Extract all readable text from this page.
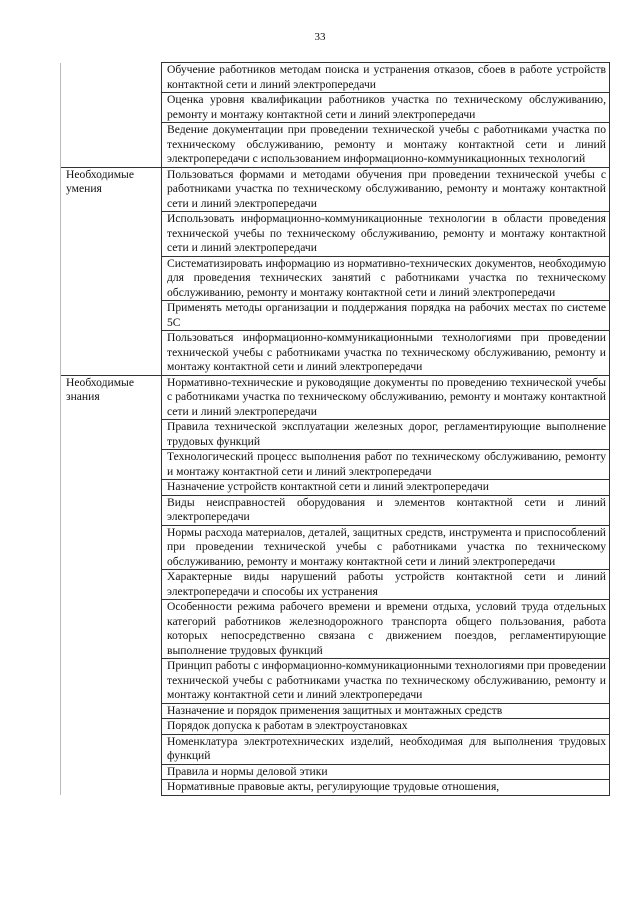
33
	Обучение работников методам поиска и устранения отказов, сбоев в работе устройств контактной сети и линий электропередачи
	Оценка уровня квалификации работников участка по техническому обслуживанию, ремонту и монтажу контактной сети и линий электропередачи
	Ведение документации при проведении технической учебы с работниками участка по техническому обслуживанию, ремонту и монтажу контактной сети и линий электропередачи с использованием информационно-коммуникационных технологий
Необходимые умения	Пользоваться формами и методами обучения при проведении технической учебы с работниками участка по техническому обслуживанию, ремонту и монтажу контактной сети и линий электропередачи
	Использовать информационно-коммуникационные технологии в области проведения технической учебы по техническому обслуживанию, ремонту и монтажу контактной сети и линий электропередачи
	Систематизировать информацию из нормативно-технических документов, необходимую для проведения технических занятий с работниками участка по техническому обслуживанию, ремонту и монтажу контактной сети и линий электропередачи
	Применять методы организации и поддержания порядка на рабочих местах по системе 5С
	Пользоваться информационно-коммуникационными технологиями при проведении технической учебы с работниками участка по техническому обслуживанию, ремонту и монтажу контактной сети и линий электропередачи
Необходимые знания	Нормативно-технические и руководящие документы по проведению технической учебы с работниками участка по техническому обслуживанию, ремонту и монтажу контактной сети и линий электропередачи
	Правила технической эксплуатации железных дорог, регламентирующие выполнение трудовых функций
	Технологический процесс выполнения работ по техническому обслуживанию, ремонту и монтажу контактной сети и линий электропередачи
	Назначение устройств контактной сети и линий электропередачи
	Виды неисправностей оборудования и элементов контактной сети и линий электропередачи
	Нормы расхода материалов, деталей, защитных средств, инструмента и приспособлений при проведении технической учебы с работниками участка по техническому обслуживанию, ремонту и монтажу контактной сети и линий электропередачи
	Характерные виды нарушений работы устройств контактной сети и линий электропередачи и способы их устранения
	Особенности режима рабочего времени и времени отдыха, условий труда отдельных категорий работников железнодорожного транспорта общего пользования, работа которых непосредственно связана с движением поездов, регламентирующие выполнение трудовых функций
	Принцип работы с информационно-коммуникационными технологиями при проведении технической учебы с работниками участка по техническому обслуживанию, ремонту и монтажу контактной сети и линий электропередачи
	Назначение и порядок применения защитных и монтажных средств
	Порядок допуска к работам в электроустановках
	Номенклатура электротехнических изделий, необходимая для выполнения трудовых функций
	Правила и нормы деловой этики
	Нормативные правовые акты, регулирующие трудовые отношения,
